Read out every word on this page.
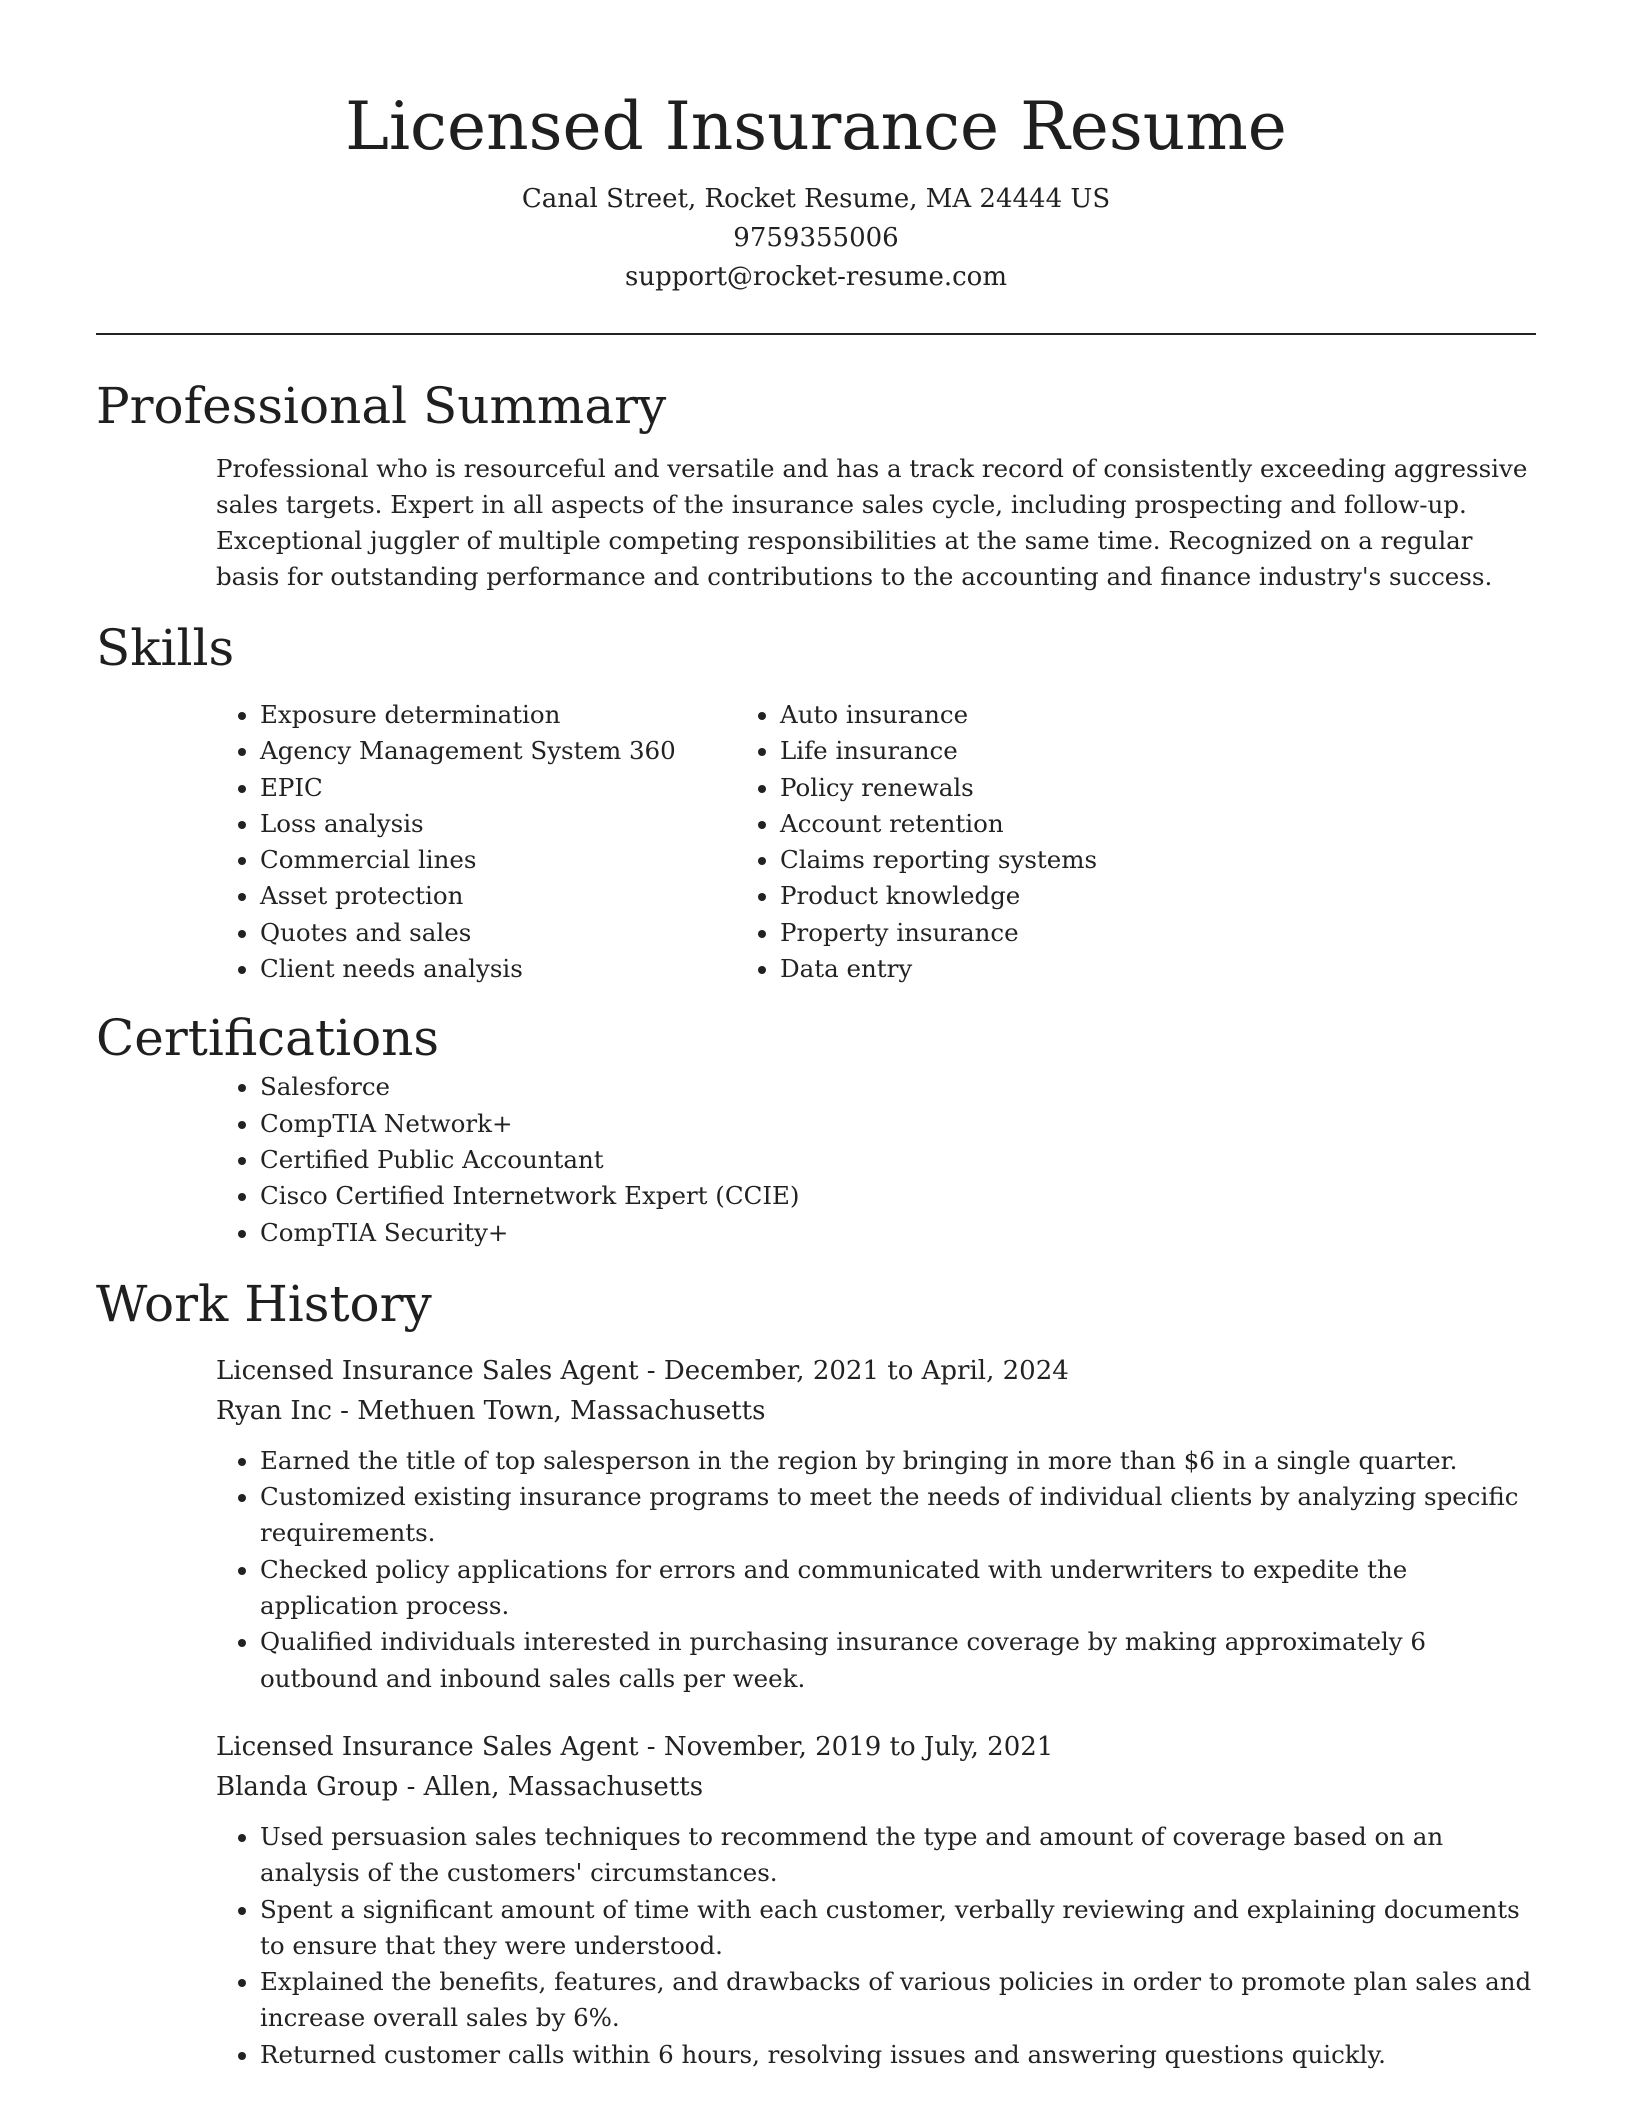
Licensed Insurance Resume
Canal Street, Rocket Resume, MA 24444 US
9759355006
support@rocket-resume.com
Professional Summary

Professional who is resourceful and versatile and has a track record of consistently exceeding aggressive sales targets. Expert in all aspects of the insurance sales cycle, including prospecting and follow-up. Exceptional juggler of multiple competing responsibilities at the same time. Recognized on a regular basis for outstanding performance and contributions to the accounting and finance industry's success.

Skills
• Exposure determination
• Agency Management System 360
• EPIC
• Loss analysis
• Commercial lines
• Asset protection
• Quotes and sales
• Client needs analysis
• Auto insurance
• Life insurance
• Policy renewals
• Account retention
• Claims reporting systems
• Product knowledge
• Property insurance
• Data entry
Certifications
• Salesforce
• CompTIA Network+
• Certified Public Accountant
• Cisco Certified Internetwork Expert (CCIE)
• CompTIA Security+
Work History
Licensed Insurance Sales Agent - December, 2021 to April, 2024
Ryan Inc - Methuen Town, Massachusetts
• Earned the title of top salesperson in the region by bringing in more than $6 in a single quarter.
• Customized existing insurance programs to meet the needs of individual clients by analyzing specific requirements.
• Checked policy applications for errors and communicated with underwriters to expedite the application process.
• Qualified individuals interested in purchasing insurance coverage by making approximately 6 outbound and inbound sales calls per week.
Licensed Insurance Sales Agent - November, 2019 to July, 2021
Blanda Group - Allen, Massachusetts
• Used persuasion sales techniques to recommend the type and amount of coverage based on an analysis of the customers' circumstances.
• Spent a significant amount of time with each customer, verbally reviewing and explaining documents to ensure that they were understood.
• Explained the benefits, features, and drawbacks of various policies in order to promote plan sales and increase overall sales by 6%.
• Returned customer calls within 6 hours, resolving issues and answering questions quickly.
